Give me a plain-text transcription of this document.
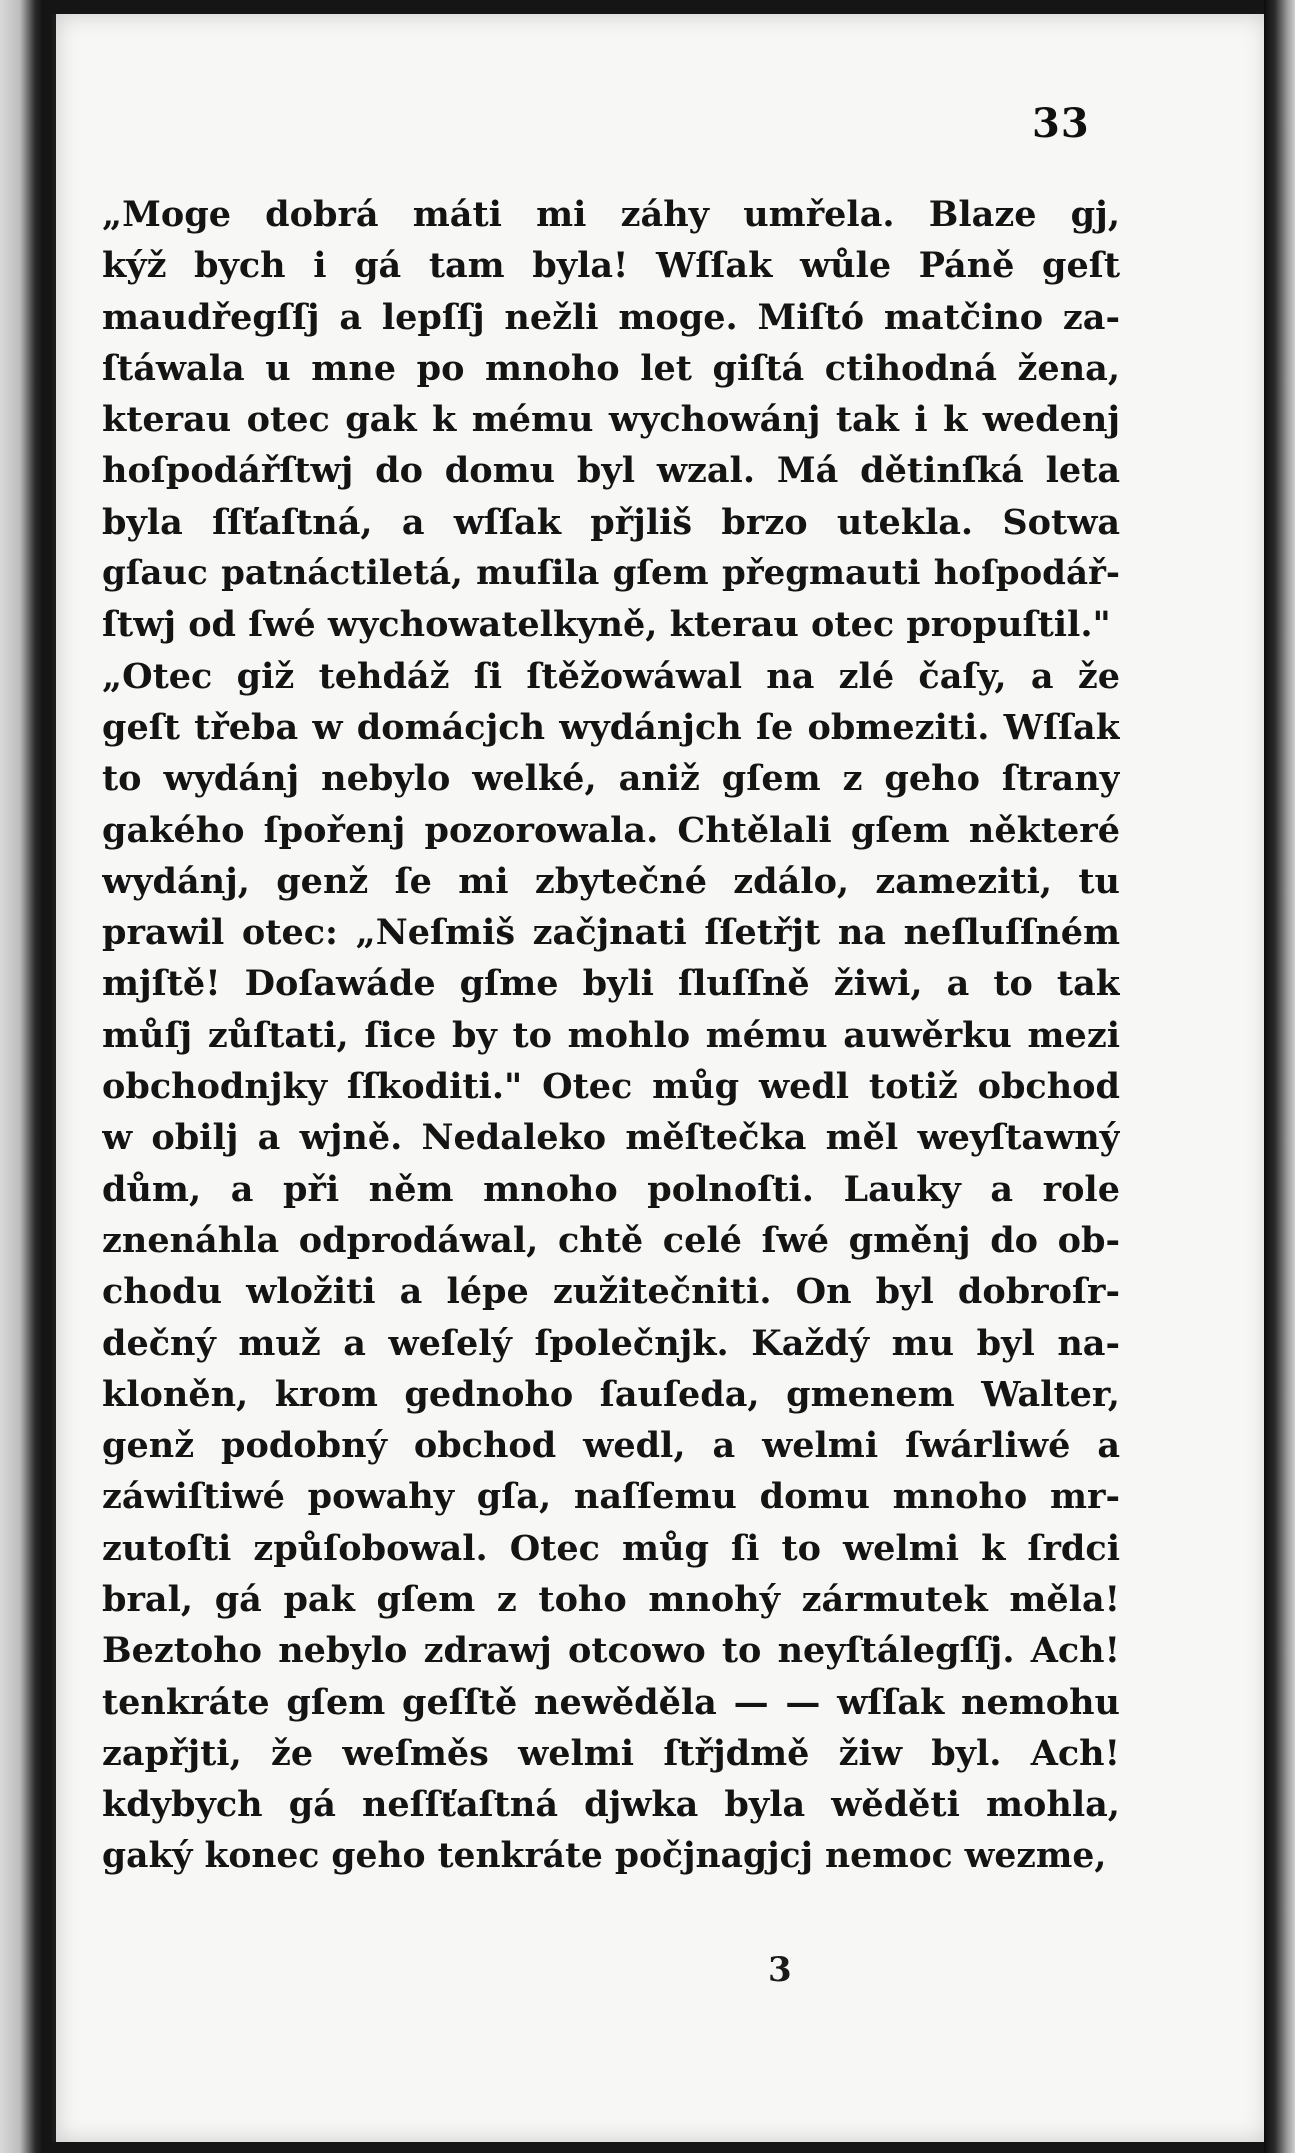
33
„Moge dobrá máti mi záhy umřela. Blaze gj,
kýž bych i gá tam byla! Wſſak wůle Páně geſt
maudřegſſj a lepſſj nežli moge. Miſtó matčino za-
ſtáwala u mne po mnoho let giſtá ctihodná žena,
kterau otec gak k mému wychowánj tak i k wedenj
hoſpodářſtwj do domu byl wzal. Má dětinſká leta
byla ſſťaſtná, a wſſak přjliš brzo utekla. Sotwa
gſauc patnáctiletá, muſila gſem přegmauti hoſpodář-
ſtwj od ſwé wychowatelkyně, kterau otec propuſtil."
„Otec giž tehdáž ſi ſtěžowáwal na zlé čaſy, a že
geſt třeba w domácjch wydánjch ſe obmeziti. Wſſak
to wydánj nebylo welké, aniž gſem z geho ſtrany
gakého ſpořenj pozorowala. Chtělali gſem některé
wydánj, genž ſe mi zbytečné zdálo, zameziti, tu
prawil otec: „Neſmiš začjnati ſſetřjt na neſluſſném
mjſtě! Doſawáde gſme byli ſluſſně žiwi, a to tak
můſj zůſtati, ſice by to mohlo mému auwěrku mezi
obchodnjky ſſkoditi." Otec můg wedl totiž obchod
w obilj a wjně. Nedaleko měſtečka měl weyſtawný
dům, a při něm mnoho polnoſti. Lauky a role
znenáhla odprodáwal, chtě celé ſwé gměnj do ob-
chodu wložiti a lépe zužitečniti. On byl dobroſr-
dečný muž a weſelý ſpolečnjk. Každý mu byl na-
kloněn, krom gednoho ſauſeda, gmenem Walter,
genž podobný obchod wedl, a welmi ſwárliwé a
záwiſtiwé powahy gſa, naſſemu domu mnoho mr-
zutoſti způſobowal. Otec můg ſi to welmi k ſrdci
bral, gá pak gſem z toho mnohý zármutek měla!
Beztoho nebylo zdrawj otcowo to neyſtálegſſj. Ach!
tenkráte gſem geſſtě newěděla — — wſſak nemohu
zapřjti, že weſměs welmi ſtřjdmě žiw byl. Ach!
kdybych gá neſſťaſtná djwka byla wěděti mohla,
gaký konec geho tenkráte počjnagjcj nemoc wezme,
3
